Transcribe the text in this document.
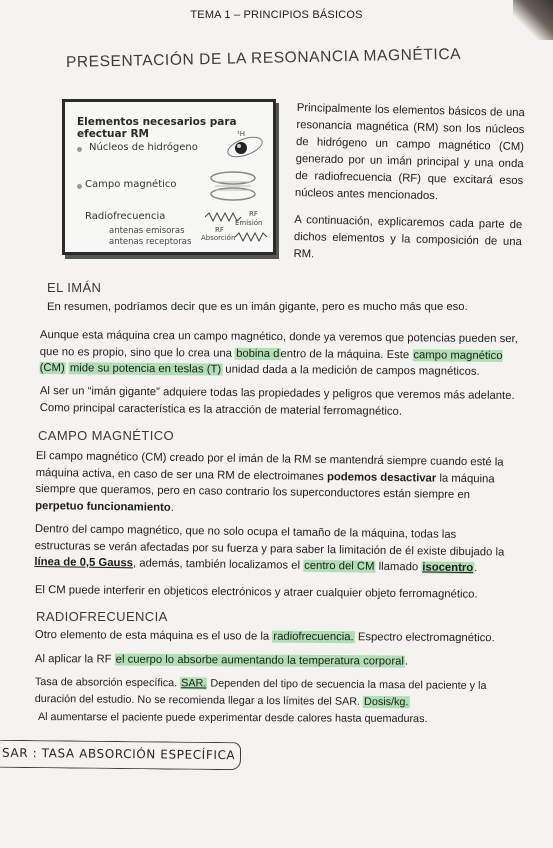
TEMA 1 – PRINCIPIOS BÁSICOS
PRESENTACIÓN DE LA RESONANCIA MAGNÉTICA
Elementos necesarios para efectuar RM
Núcleos de hidrógeno
¹H
Campo magnético
Radiofrecuencia
antenas emisoras
antenas receptoras
RF
Emisión
RF
Absorción

Principalmente los elementos básicos de una resonancia magnética (RM) son los núcleos de hidrógeno un campo magnético (CM) generado por un imán principal y una onda de radiofrecuencia (RF) que excitará esos núcleos antes mencionados.

A continuación, explicaremos cada parte de dichos elementos y la composición de una RM.

EL IMÁN
En resumen, podríamos decir que es un imán gigante, pero es mucho más que eso.
Aunque esta máquina crea un campo magnético, donde ya veremos que potencias pueden ser, que no es propio, sino que lo crea una bobina dentro de la máquina. Este campo magnético (CM) mide su potencia en teslas (T) unidad dada a la medición de campos magnéticos.
Al ser un “imán gigante” adquiere todas las propiedades y peligros que veremos más adelante. Como principal característica es la atracción de material ferromagnético.
CAMPO MAGNÉTICO
El campo magnético (CM) creado por el imán de la RM se mantendrá siempre cuando esté la máquina activa, en caso de ser una RM de electroimanes podemos desactivar la máquina siempre que queramos, pero en caso contrario los superconductores están siempre en perpetuo funcionamiento.
Dentro del campo magnético, que no solo ocupa el tamaño de la máquina, todas las estructuras se verán afectadas por su fuerza y para saber la limitación de él existe dibujado la línea de 0,5 Gauss, además, también localizamos el centro del CM llamado isocentro.
El CM puede interferir en objeticos electrónicos y atraer cualquier objeto ferromagnético.
RADIOFRECUENCIA
Otro elemento de esta máquina es el uso de la radiofrecuencia. Espectro electromagnético.
Al aplicar la RF el cuerpo lo absorbe aumentando la temperatura corporal.
Tasa de absorción específica. SAR. Dependen del tipo de secuencia la masa del paciente y la duración del estudio. No se recomienda llegar a los límites del SAR. Dosis/kg.
Al aumentarse el paciente puede experimentar desde calores hasta quemaduras.
SAR : TASA ABSORCIÓN ESPECÍFICA
